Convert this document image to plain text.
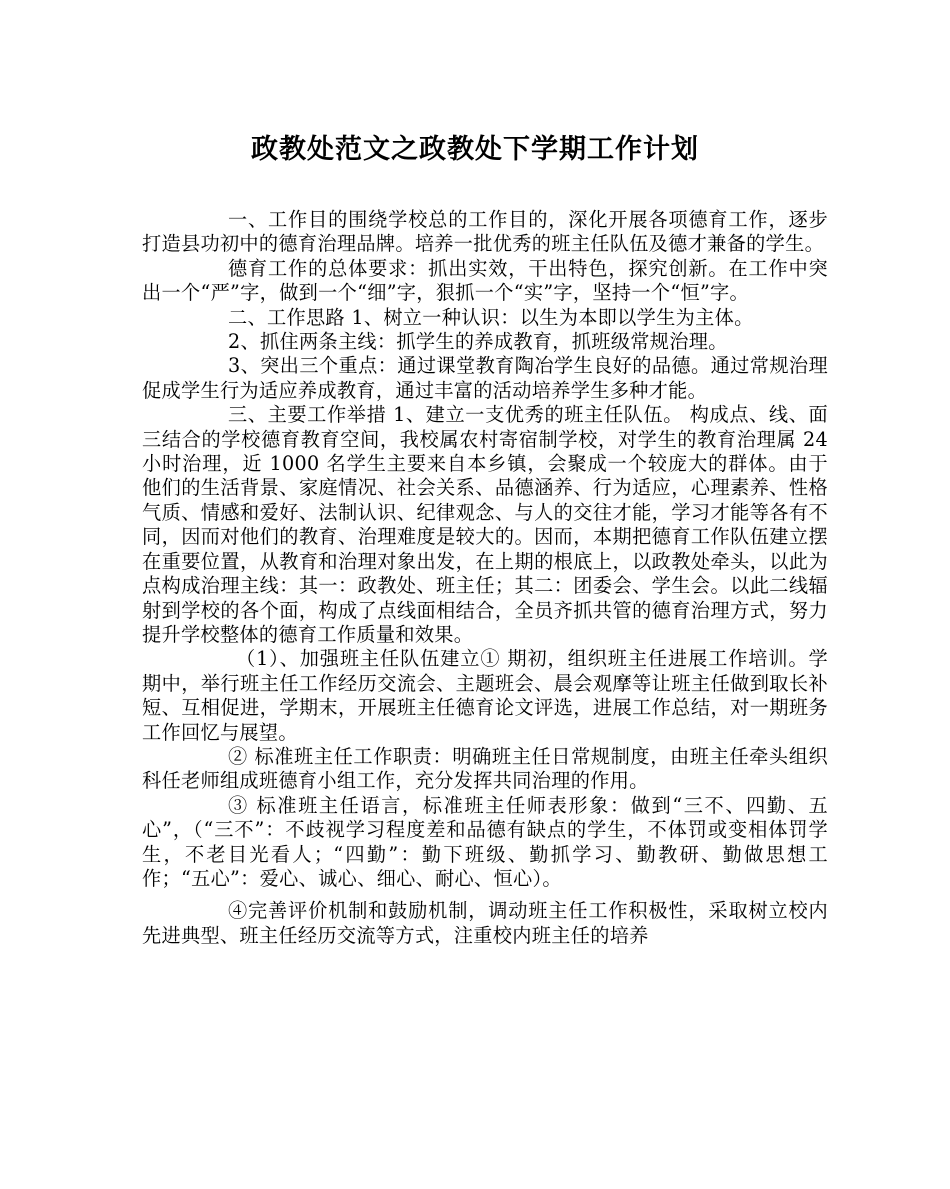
政教处范文之政教处下学期工作计划

一、工作目的围绕学校总的工作目的，深化开展各项德育工作，逐步打造县功初中的德育治理品牌。培养一批优秀的班主任队伍及德才兼备的学生。

德育工作的总体要求：抓出实效，干出特色，探究创新。在工作中突出一个“严”字，做到一个“细”字，狠抓一个“实”字，坚持一个“恒”字。

二、工作思路 1、树立一种认识：以生为本即以学生为主体。

2、抓住两条主线：抓学生的养成教育，抓班级常规治理。

3、突出三个重点：通过课堂教育陶冶学生良好的品德。通过常规治理促成学生行为适应养成教育，通过丰富的活动培养学生多种才能。

三、主要工作举措 1、建立一支优秀的班主任队伍。 构成点、线、面三结合的学校德育教育空间，我校属农村寄宿制学校，对学生的教育治理属 24 小时治理，近 1000 名学生主要来自本乡镇，会聚成一个较庞大的群体。由于他们的生活背景、家庭情况、社会关系、品德涵养、行为适应，心理素养、性格气质、情感和爱好、法制认识、纪律观念、与人的交往才能，学习才能等各有不同，因而对他们的教育、治理难度是较大的。因而，本期把德育工作队伍建立摆在重要位置，从教育和治理对象出发，在上期的根底上，以政教处牵头，以此为点构成治理主线：其一：政教处、班主任；其二：团委会、学生会。以此二线辐射到学校的各个面，构成了点线面相结合，全员齐抓共管的德育治理方式，努力提升学校整体的德育工作质量和效果。

（1）、加强班主任队伍建立① 期初，组织班主任进展工作培训。学期中，举行班主任工作经历交流会、主题班会、晨会观摩等让班主任做到取长补短、互相促进，学期末，开展班主任德育论文评选，进展工作总结，对一期班务工作回忆与展望。

② 标准班主任工作职责：明确班主任日常规制度，由班主任牵头组织科任老师组成班德育小组工作，充分发挥共同治理的作用。

③ 标准班主任语言，标准班主任师表形象：做到“三不、四勤、五心”，（“三不”：不歧视学习程度差和品德有缺点的学生，不体罚或变相体罚学生，不老目光看人；“四勤”：勤下班级、勤抓学习、勤教研、勤做思想工作；“五心”：爱心、诚心、细心、耐心、恒心）。

④完善评价机制和鼓励机制，调动班主任工作积极性，采取树立校内先进典型、班主任经历交流等方式，注重校内班主任的培养
